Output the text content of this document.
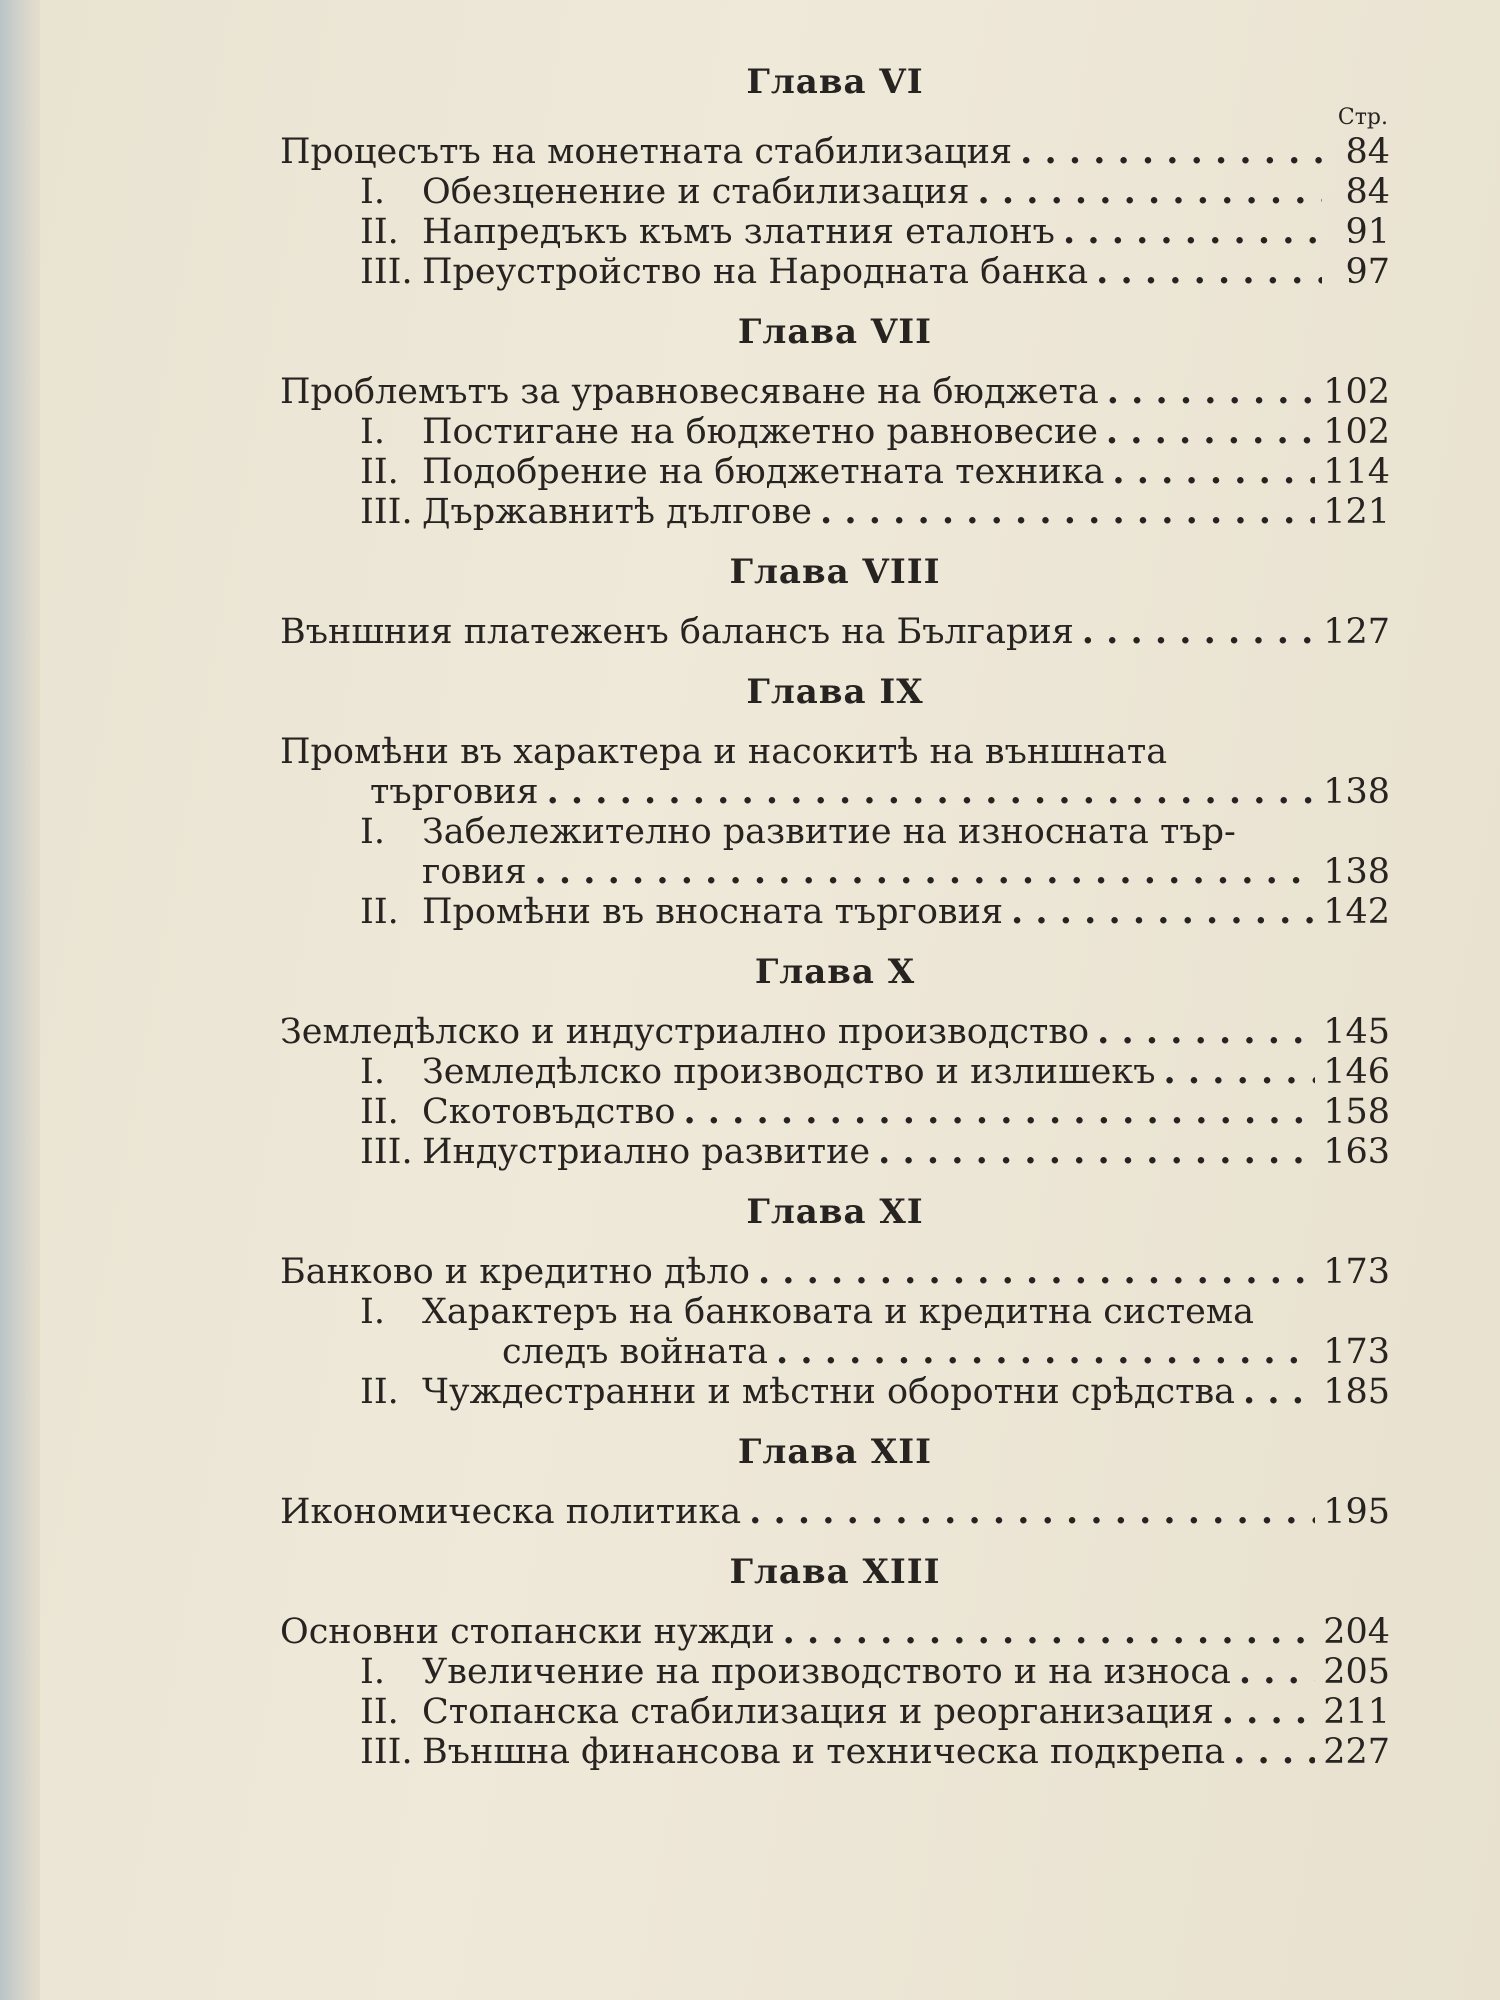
Глава VI
Стр.
Процесътъ на монетната стабилизация . . .	84
I.	Обезценение и стабилизация . . .	84
II. Напредъкъ къмъ златния еталонъ . . .	91
III. Преустройство на Народната банка . . .	97
Глава VII
Проблемътъ за уравновесяване на бюджета . . .	102
I.	Постигане на бюджетно равновесие . . .	102
II. Подобрение на бюджетната техника . . .	114
III. Държавнитѣ дългове . . .	121
Глава VIII
Външния платеженъ балансъ на България . . .	127
Глава IX
Промѣни въ характера и насокитѣ на външната
търговия . . .	138
I.	Забележително развитие на износната тър-
говия . . .	138
II. Промѣни въ вносната търговия . . .	142
Глава X
Земледѣлско и индустриално производство . . .	145
I.	Земледѣлско производство и излишекъ . . .	146
II. Скотовъдство . . .	158
III. Индустриално развитие . . .	163
Глава XI
Банково и кредитно дѣло . . .	173
I.	Характеръ на банковата и кредитна система
следъ войната . . .	173
II. Чуждестранни и мѣстни оборотни срѣдства . . .	185
Глава XII
Икономическа политика . . .	195
Глава XIII
Основни стопански нужди . . .	204
I.	Увеличение на производството и на износа . . .	205
II. Стопанска стабилизация и реорганизация . . .	211
III. Външна финансова и техническа подкрепа . . .	227
